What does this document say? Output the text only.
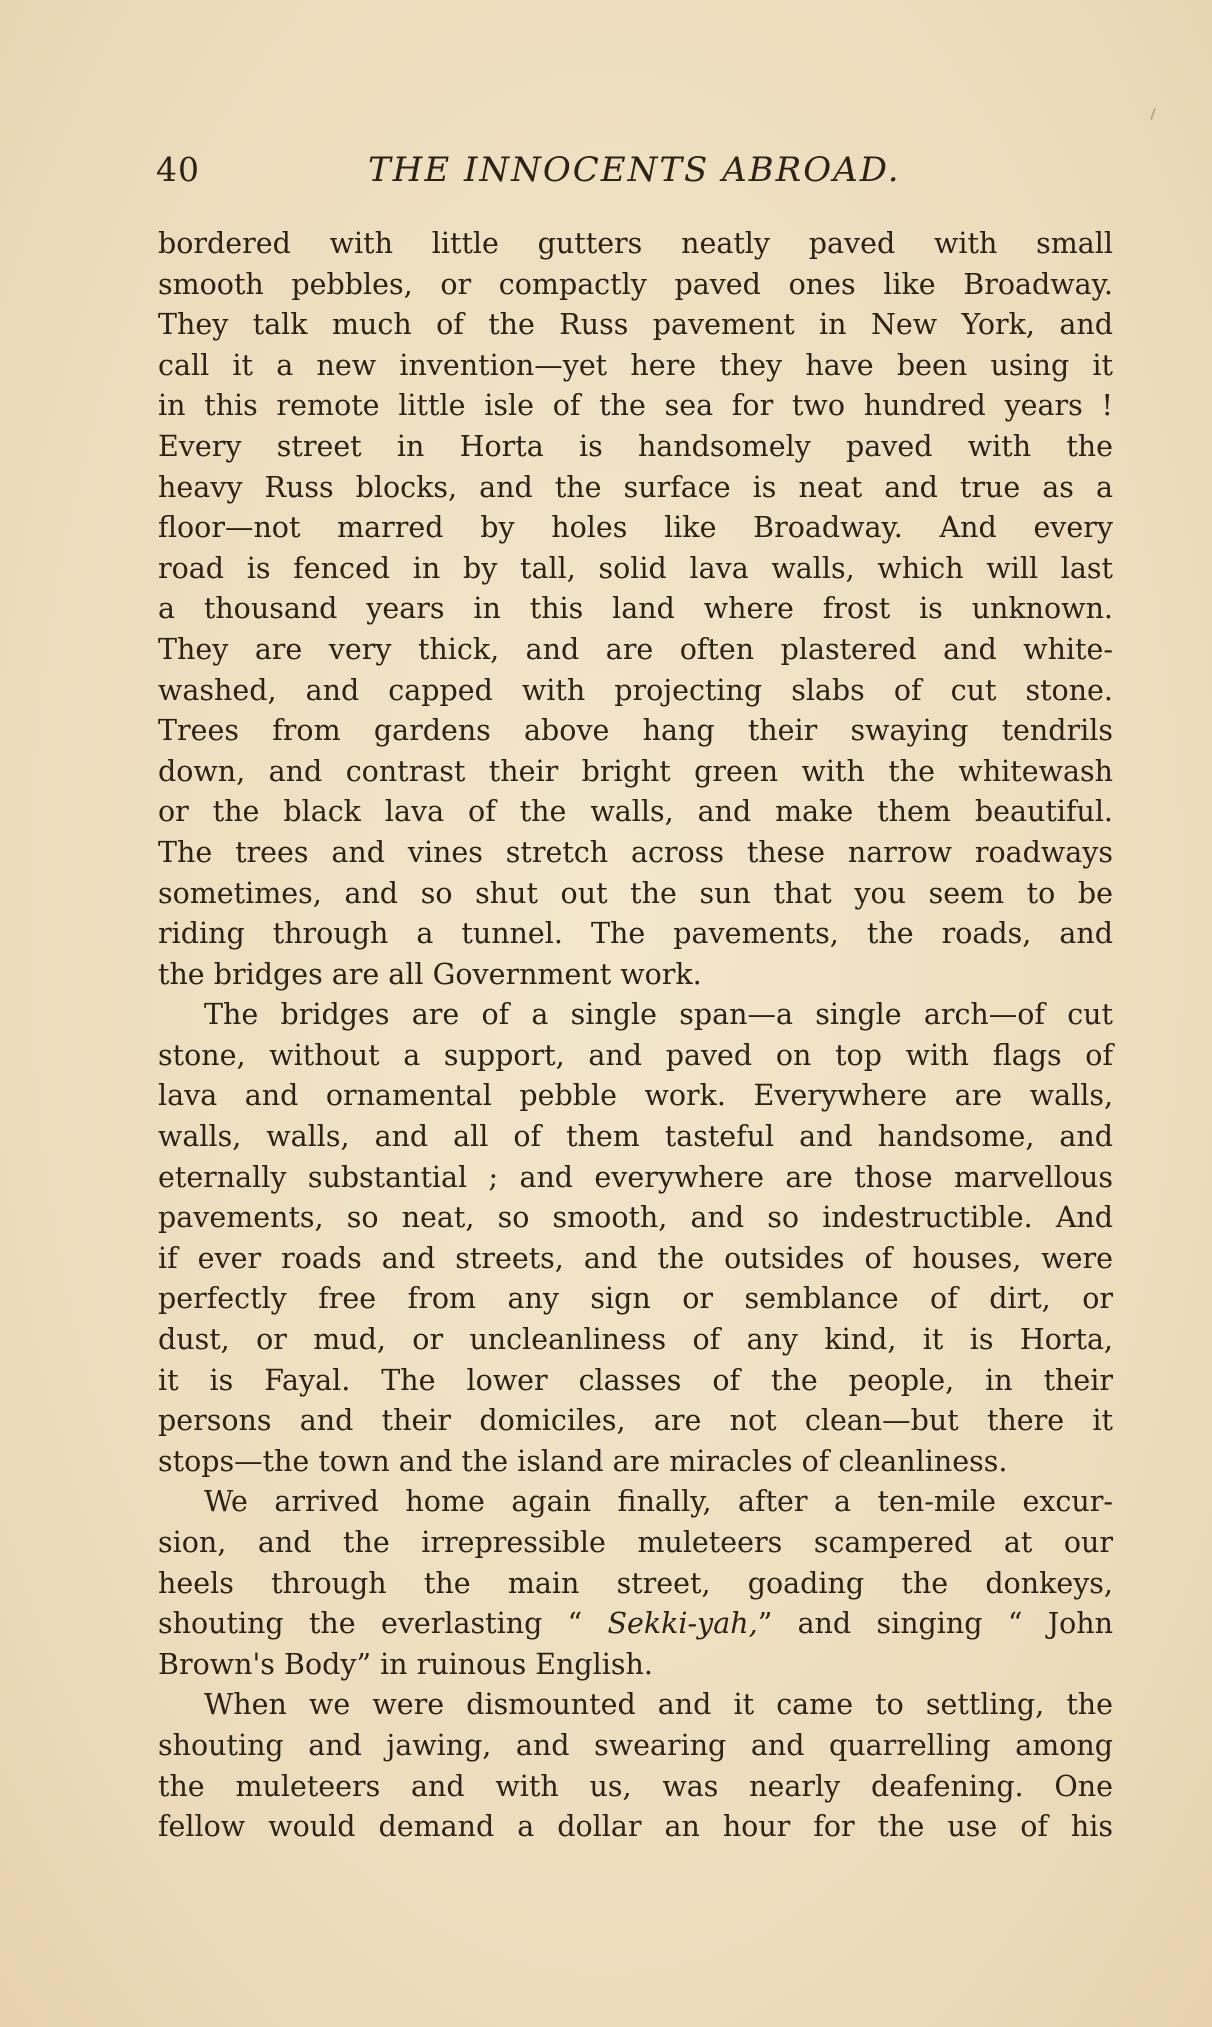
40	THE INNOCENTS ABROAD.
bordered with little gutters neatly paved with small
smooth pebbles, or compactly paved ones like Broadway.
They talk much of the Russ pavement in New York, and
call it a new invention—yet here they have been using it
in this remote little isle of the sea for two hundred years !
Every street in Horta is handsomely paved with the
heavy Russ blocks, and the surface is neat and true as a
floor—not marred by holes like Broadway. And every
road is fenced in by tall, solid lava walls, which will last
a thousand years in this land where frost is unknown.
They are very thick, and are often plastered and white-
washed, and capped with projecting slabs of cut stone.
Trees from gardens above hang their swaying tendrils
down, and contrast their bright green with the whitewash
or the black lava of the walls, and make them beautiful.
The trees and vines stretch across these narrow roadways
sometimes, and so shut out the sun that you seem to be
riding through a tunnel. The pavements, the roads, and
the bridges are all Government work.
The bridges are of a single span—a single arch—of cut
stone, without a support, and paved on top with flags of
lava and ornamental pebble work. Everywhere are walls,
walls, walls, and all of them tasteful and handsome, and
eternally substantial ; and everywhere are those marvellous
pavements, so neat, so smooth, and so indestructible. And
if ever roads and streets, and the outsides of houses, were
perfectly free from any sign or semblance of dirt, or
dust, or mud, or uncleanliness of any kind, it is Horta,
it is Fayal. The lower classes of the people, in their
persons and their domiciles, are not clean—but there it
stops—the town and the island are miracles of cleanliness.
We arrived home again finally, after a ten-mile excur-
sion, and the irrepressible muleteers scampered at our
heels through the main street, goading the donkeys,
shouting the everlasting “ Sekki-yah,” and singing “ John
Brown's Body” in ruinous English.
When we were dismounted and it came to settling, the
shouting and jawing, and swearing and quarrelling among
the muleteers and with us, was nearly deafening. One
fellow would demand a dollar an hour for the use of his
